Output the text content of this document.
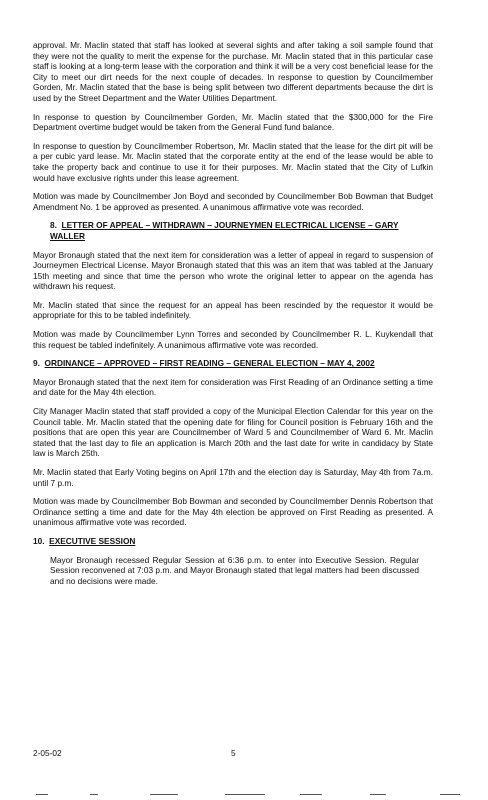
approval. Mr. Maclin stated that staff has looked at several sights and after taking a soil sample found that they were not the quality to merit the expense for the purchase. Mr. Maclin stated that in this particular case staff is looking at a long-term lease with the corporation and think it will be a very cost beneficial lease for the City to meet our dirt needs for the next couple of decades. In response to question by Councilmember Gorden, Mr. Maclin stated that the base is being split between two different departments because the dirt is used by the Street Department and the Water Utilities Department.

In response to question by Councilmember Gorden, Mr. Maclin stated that the $300,000 for the Fire Department overtime budget would be taken from the General Fund fund balance.

In response to question by Councilmember Robertson, Mr. Maclin stated that the lease for the dirt pit will be a per cubic yard lease. Mr. Maclin stated that the corporate entity at the end of the lease would be able to take the property back and continue to use it for their purposes. Mr. Maclin stated that the City of Lufkin would have exclusive rights under this lease agreement.

Motion was made by Councilmember Jon Boyd and seconded by Councilmember Bob Bowman that Budget Amendment No. 1 be approved as presented. A unanimous affirmative vote was recorded.

8. LETTER OF APPEAL – WITHDRAWN – JOURNEYMEN ELECTRICAL LICENSE – GARY WALLER

Mayor Bronaugh stated that the next item for consideration was a letter of appeal in regard to suspension of Journeymen Electrical License. Mayor Bronaugh stated that this was an item that was tabled at the January 15th meeting and since that time the person who wrote the original letter to appear on the agenda has withdrawn his request.

Mr. Maclin stated that since the request for an appeal has been rescinded by the requestor it would be appropriate for this to be tabled indefinitely.

Motion was made by Councilmember Lynn Torres and seconded by Councilmember R. L. Kuykendall that this request be tabled indefinitely. A unanimous affirmative vote was recorded.

9. ORDINANCE – APPROVED – FIRST READING – GENERAL ELECTION – MAY 4, 2002

Mayor Bronaugh stated that the next item for consideration was First Reading of an Ordinance setting a time and date for the May 4th election.

City Manager Maclin stated that staff provided a copy of the Municipal Election Calendar for this year on the Council table. Mr. Maclin stated that the opening date for filing for Council position is February 16th and the positions that are open this year are Councilmember of Ward 5 and Councilmember of Ward 6. Mr. Maclin stated that the last day to file an application is March 20th and the last date for write in candidacy by State law is March 25th.

Mr. Maclin stated that Early Voting begins on April 17th and the election day is Saturday, May 4th from 7a.m. until 7 p.m.

Motion was made by Councilmember Bob Bowman and seconded by Councilmember Dennis Robertson that Ordinance setting a time and date for the May 4th election be approved on First Reading as presented. A unanimous affirmative vote was recorded.

10. EXECUTIVE SESSION

Mayor Bronaugh recessed Regular Session at 6:36 p.m. to enter into Executive Session. Regular Session reconvened at 7:03 p.m. and Mayor Bronaugh stated that legal matters had been discussed and no decisions were made.

2-05-02	5
